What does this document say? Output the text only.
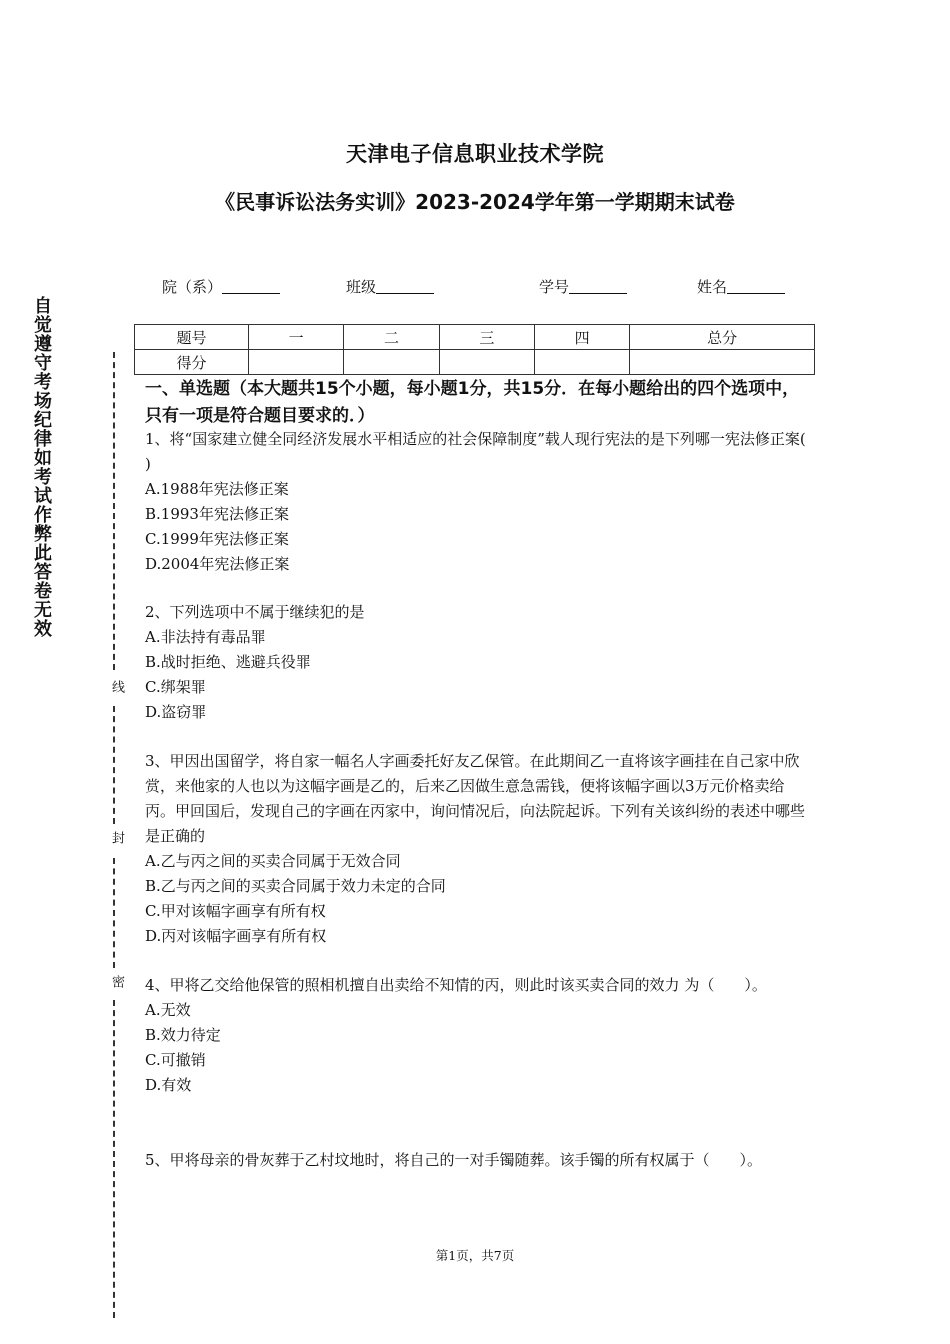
天津电子信息职业技术学院
《民事诉讼法务实训》2023-2024学年第一学期期末试卷
院（系）	班级	学号	姓名
题号	一	二	三	四	总分
得分					
自觉遵守考场纪律如考试作弊此答卷无效
线
封
密
一、单选题（本大题共15个小题，每小题1分，共15分．在每小题给出的四个选项中，只有一项是符合题目要求的．）
1、将“国家建立健全同经济发展水平相适应的社会保障制度”载人现行宪法的是下列哪一宪法修正案( )
A.1988年宪法修正案
B.1993年宪法修正案
C.1999年宪法修正案
D.2004年宪法修正案
2、下列选项中不属于继续犯的是
A.非法持有毒品罪
B.战时拒绝、逃避兵役罪
C.绑架罪
D.盗窃罪
3、甲因出国留学，将自家一幅名人字画委托好友乙保管。在此期间乙一直将该字画挂在自己家中欣赏，来他家的人也以为这幅字画是乙的，后来乙因做生意急需钱，便将该幅字画以3万元价格卖给丙。甲回国后，发现自己的字画在丙家中，询问情况后，向法院起诉。下列有关该纠纷的表述中哪些是正确的
A.乙与丙之间的买卖合同属于无效合同
B.乙与丙之间的买卖合同属于效力未定的合同
C.甲对该幅字画享有所有权
D.丙对该幅字画享有所有权
4、甲将乙交给他保管的照相机擅自出卖给不知情的丙，则此时该买卖合同的效力 为（　　）。
A.无效
B.效力待定
C.可撤销
D.有效
5、甲将母亲的骨灰葬于乙村坟地时，将自己的一对手镯随葬。该手镯的所有权属于（　　）。
第1页，共7页
